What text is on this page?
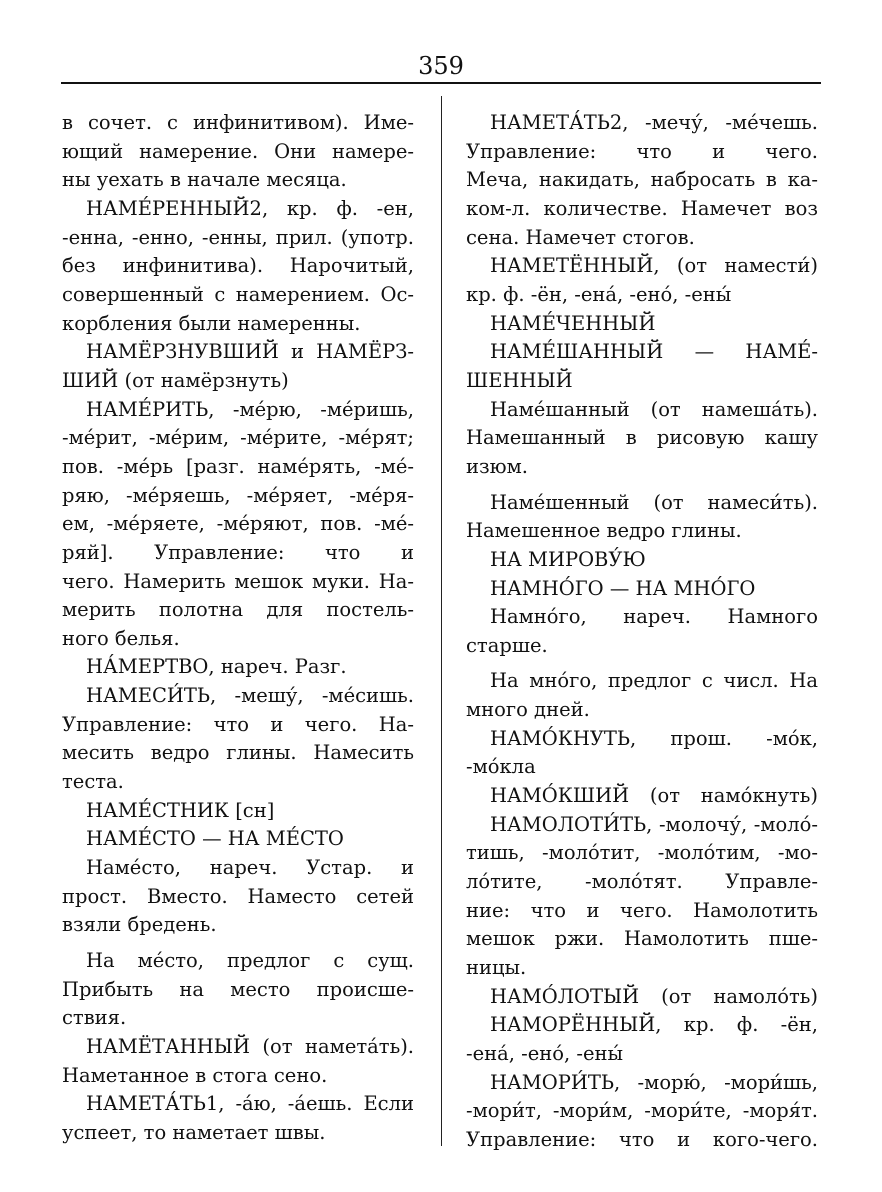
359
в сочет. с инфинитивом). Име-
ющий намерение. Они намере-
ны уехать в начале месяца.
НАМЕ́РЕННЫЙ2, кр. ф. -ен,
-енна, -енно, -енны, прил. (употр.
без инфинитива). Нарочитый,
совершенный с намерением. Ос-
корбления были намеренны.
НАМЁРЗНУВШИЙ и НАМЁРЗ-
ШИЙ (от намёрзнуть)
НАМЕ́РИТЬ, -ме́рю, -ме́ришь,
-ме́рит, -ме́рим, -ме́рите, -ме́рят;
пов. -ме́рь [разг. наме́рять, -ме́-
ряю, -ме́ряешь, -ме́ряет, -ме́ря-
ем, -ме́ряете, -ме́ряют, пов. -ме́-
ряй]. Управление: что и
чего. Намерить мешок муки. На-
мерить полотна для постель-
ного белья.
НА́МЕРТВО, нареч. Разг.
НАМЕСИ́ТЬ, -мешу́, -ме́сишь.
Управление: что и чего. На-
месить ведро глины. Намесить
теста.
НАМЕ́СТНИК [сн]
НАМЕ́СТО — НА МЕ́СТО
Наме́сто, нареч. Устар. и
прост. Вместо. Наместо сетей
взяли бредень.
На ме́сто, предлог с сущ.
Прибыть на место происше-
ствия.
НАМЁТАННЫЙ (от намета́ть).
Наметанное в стога сено.
НАМЕТА́ТЬ1, -а́ю, -а́ешь. Если
успеет, то наметает швы.
НАМЕТА́ТЬ2, -мечу́, -ме́чешь.
Управление: что и чего.
Меча, накидать, набросать в ка-
ком-л. количестве. Намечет воз
сена. Намечет стогов.
НАМЕТЁННЫЙ, (от намести́)
кр. ф. -ён, -ена́, -ено́, -ены́
НАМЕ́ЧЕННЫЙ
НАМЕ́ШАННЫЙ — НАМЕ́-
ШЕННЫЙ
Наме́шанный (от намеша́ть).
Намешанный в рисовую кашу
изюм.
Наме́шенный (от намеси́ть).
Намешенное ведро глины.
НА МИРОВУ́Ю
НАМНО́ГО — НА МНО́ГО
Намно́го, нареч. Намного
старше.
На мно́го, предлог с числ. На
много дней.
НАМО́КНУТЬ, прош. -мо́к,
-мо́кла
НАМО́КШИЙ (от намо́кнуть)
НАМОЛОТИ́ТЬ, -молочу́, -моло́-
тишь, -моло́тит, -моло́тим, -мо-
ло́тите, -моло́тят. Управле-
ние: что и чего. Намолотить
мешок ржи. Намолотить пше-
ницы.
НАМО́ЛОТЫЙ (от намоло́ть)
НАМОРЁННЫЙ, кр. ф. -ён,
-ена́, -ено́, -ены́
НАМОРИ́ТЬ, -морю́, -мори́шь,
-мори́т, -мори́м, -мори́те, -моря́т.
Управление: что и кого-чего.
